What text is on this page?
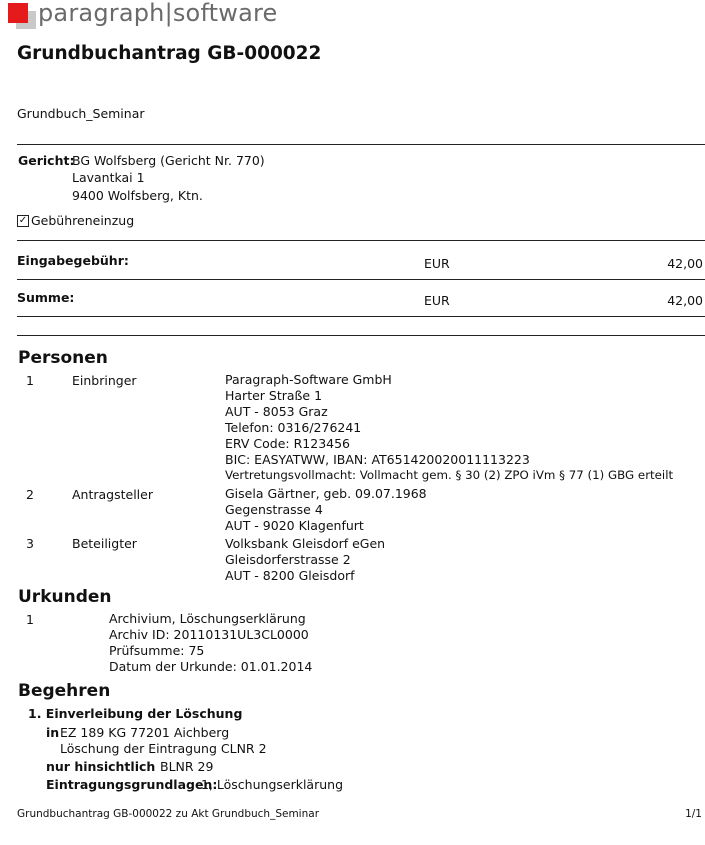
paragraph|software
Grundbuchantrag GB-000022
Grundbuch_Seminar
Gericht:
BG Wolfsberg (Gericht Nr. 770)
Lavantkai 1
9400 Wolfsberg, Ktn.
✓ Gebühreneinzug
Eingabegebühr:	EUR	42,00
Summe:	EUR	42,00
Personen
1	Einbringer	Paragraph-Software GmbH
Harter Straße 1
AUT - 8053 Graz
Telefon: 0316/276241
ERV Code: R123456
BIC: EASYATWW, IBAN: AT651420020011113223
Vertretungsvollmacht: Vollmacht gem. § 30 (2) ZPO iVm § 77 (1) GBG erteilt
2	Antragsteller	Gisela Gärtner, geb. 09.07.1968
Gegenstrasse 4
AUT - 9020 Klagenfurt
3	Beteiligter	Volksbank Gleisdorf eGen
Gleisdorferstrasse 2
AUT - 8200 Gleisdorf
Urkunden
1	Archivium, Löschungserklärung
Archiv ID: 20110131UL3CL0000
Prüfsumme: 75
Datum der Urkunde: 01.01.2014
Begehren
1. Einverleibung der Löschung
in EZ 189 KG 77201 Aichberg
Löschung der Eintragung CLNR 2
nur hinsichtlich BLNR 29
Eintragungsgrundlagen:
1, Löschungserklärung
Grundbuchantrag GB-000022 zu Akt Grundbuch_Seminar	1/1
